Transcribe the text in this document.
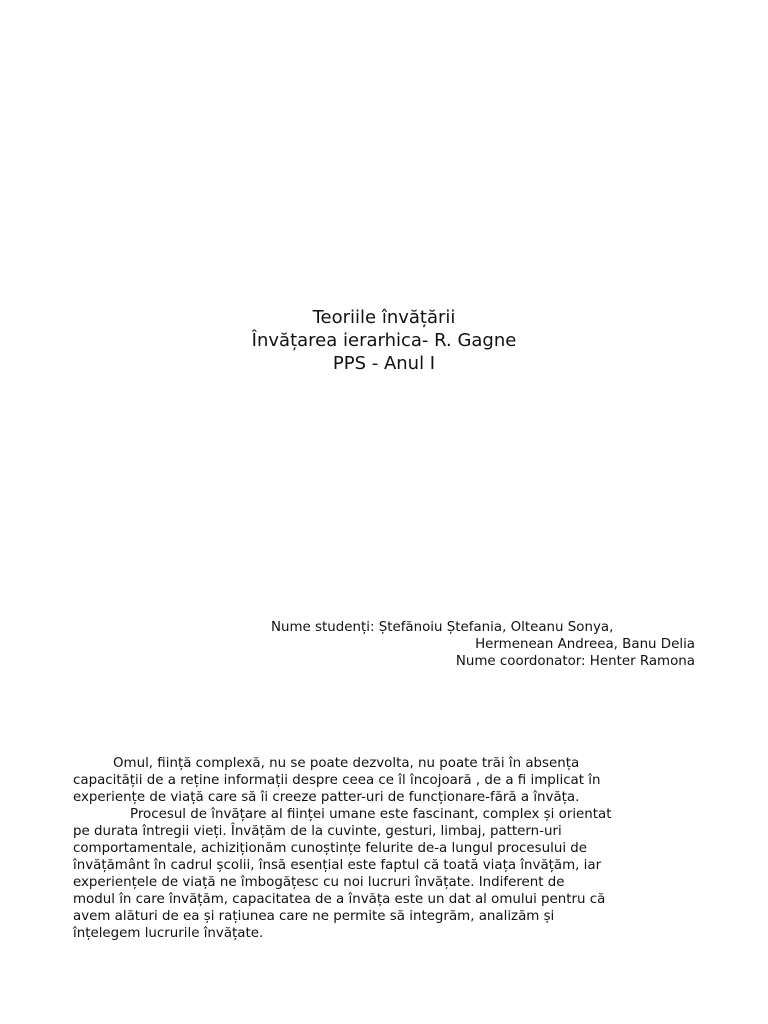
Teoriile învățării
Învățarea ierarhica- R. Gagne
PPS - Anul I
Nume studenți: Ștefănoiu Ștefania, Olteanu Sonya,
Hermenean Andreea, Banu Delia
Nume coordonator: Henter Ramona

Omul, ființă complexă, nu se poate dezvolta, nu poate trăi în absența
capacității de a reține informații despre ceea ce îl încojoară , de a fi implicat în
experiențe de viață care să îi creeze patter-uri de funcționare-fără a învăța.

Procesul de învățare al ființei umane este fascinant, complex și orientat
pe durata întregii vieți. Învățăm de la cuvinte, gesturi, limbaj, pattern-uri
comportamentale, achiziționăm cunoștințe felurite de-a lungul procesului de
învățământ în cadrul școlii, însă esențial este faptul că toată viața învățăm, iar
experiențele de viață ne îmbogățesc cu noi lucruri învățate. Indiferent de
modul în care învățăm, capacitatea de a învăța este un dat al omului pentru că
avem alături de ea și rațiunea care ne permite să integrăm, analizăm și
înțelegem lucrurile învățate.
